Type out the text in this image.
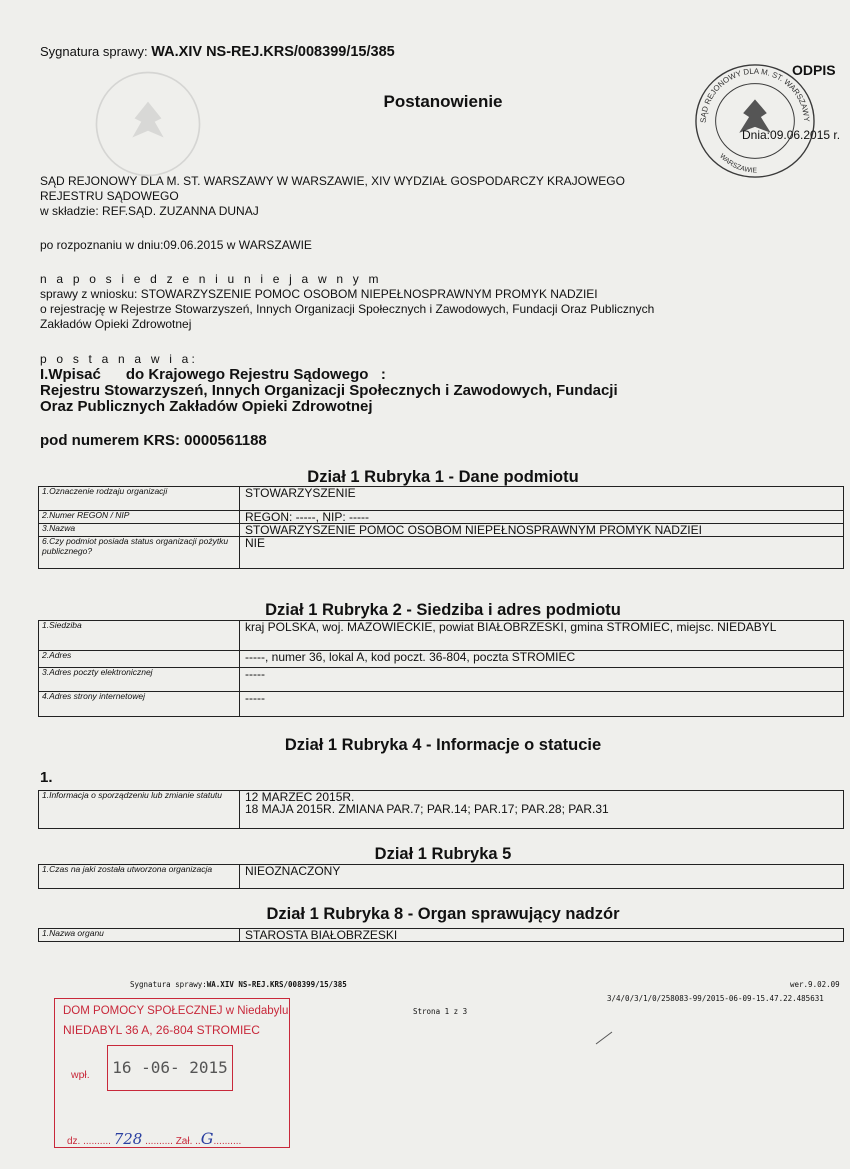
Sygnatura sprawy: WA.XIV NS-REJ.KRS/008399/15/385
ODPIS
Postanowienie
SĄD REJONOWY DLA M. ST. WARSZAWY
WARSZAWIE
Dnia:09.06.2015 r.
SĄD REJONOWY DLA M. ST. WARSZAWY W WARSZAWIE, XIV WYDZIAŁ GOSPODARCZY KRAJOWEGO
REJESTRU SĄDOWEGO
w składzie: REF.SĄD. ZUZANNA DUNAJ
po rozpoznaniu w dniu:09.06.2015 w WARSZAWIE
n a p o s i e d z e n i u n i e j a w n y m
sprawy z wniosku: STOWARZYSZENIE POMOC OSOBOM NIEPEŁNOSPRAWNYM PROMYK NADZIEI
o rejestrację w Rejestrze Stowarzyszeń, Innych Organizacji Społecznych i Zawodowych, Fundacji Oraz Publicznych
Zakładów Opieki Zdrowotnej
p o s t a n a w i a:
I.Wpisać      do Krajowego Rejestru Sądowego   :
Rejestru Stowarzyszeń, Innych Organizacji Społecznych i Zawodowych, Fundacji
Oraz Publicznych Zakładów Opieki Zdrowotnej
pod numerem KRS: 0000561188
Dział 1 Rubryka 1 - Dane podmiotu
1.Oznaczenie rodzaju organizacji	STOWARZYSZENIE
2.Numer REGON / NIP	REGON: -----, NIP: -----
3.Nazwa	STOWARZYSZENIE POMOC OSOBOM NIEPEŁNOSPRAWNYM PROMYK NADZIEI
6.Czy podmiot posiada status organizacji pożytku publicznego?	NIE
Dział 1 Rubryka 2 - Siedziba i adres podmiotu
1.Siedziba	kraj POLSKA, woj. MAZOWIECKIE, powiat BIAŁOBRZESKI, gmina STROMIEC, miejsc. NIEDABYL
2.Adres	-----, numer 36, lokal A, kod poczt. 36-804, poczta STROMIEC
3.Adres poczty elektronicznej	-----
4.Adres strony internetowej	-----
Dział 1 Rubryka 4 - Informacje o statucie
1.
1.Informacja o sporządzeniu lub zmianie statutu	12 MARZEC 2015R.
18 MAJA 2015R. ZMIANA PAR.7; PAR.14; PAR.17; PAR.28; PAR.31
Dział 1 Rubryka 5
1.Czas na jaki została utworzona organizacja	NIEOZNACZONY
Dział 1 Rubryka 8 - Organ sprawujący nadzór
1.Nazwa organu	STAROSTA BIAŁOBRZESKI
Sygnatura sprawy:WA.XIV NS-REJ.KRS/008399/15/385
Strona 1 z 3
wer.9.02.09
3/4/0/3/1/0/258083-99/2015-06-09-15.47.22.485631
DOM POMOCY SPOŁECZNEJ w Niedabylu
NIEDABYL 36 A, 26-804 STROMIEC
wpł.	16 -06- 2015
dz. .......... 728 .......... Zał. ..G..........
